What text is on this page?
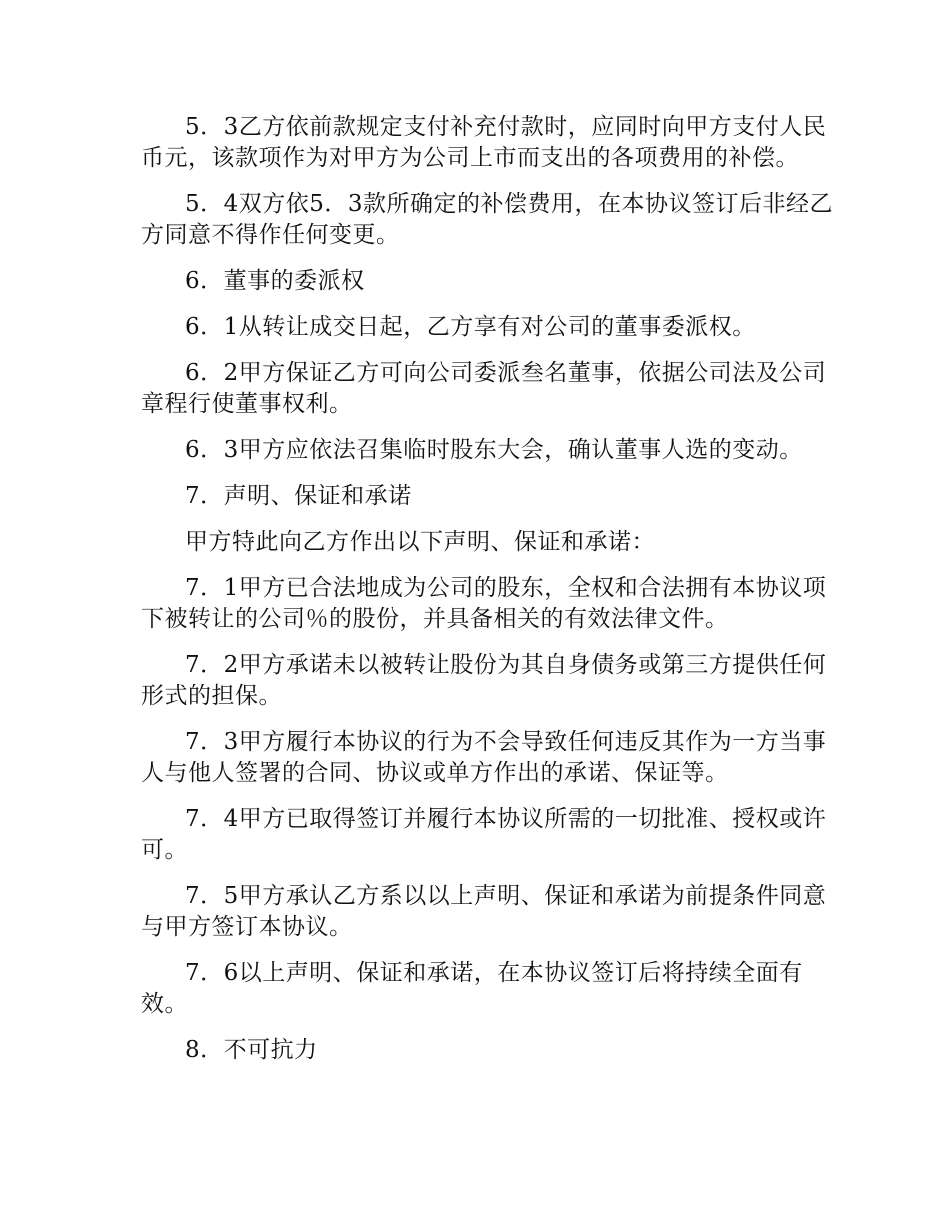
5．3乙方依前款规定支付补充付款时，应同时向甲方支付人民币元，该款项作为对甲方为公司上市而支出的各项费用的补偿。

5．4双方依5．3款所确定的补偿费用，在本协议签订后非经乙方同意不得作任何变更。

6．董事的委派权

6．1从转让成交日起，乙方享有对公司的董事委派权。

6．2甲方保证乙方可向公司委派叁名董事，依据公司法及公司章程行使董事权利。

6．3甲方应依法召集临时股东大会，确认董事人选的变动。

7．声明、保证和承诺

甲方特此向乙方作出以下声明、保证和承诺：

7．1甲方已合法地成为公司的股东，全权和合法拥有本协议项下被转让的公司％的股份，并具备相关的有效法律文件。

7．2甲方承诺未以被转让股份为其自身债务或第三方提供任何形式的担保。

7．3甲方履行本协议的行为不会导致任何违反其作为一方当事人与他人签署的合同、协议或单方作出的承诺、保证等。

7．4甲方已取得签订并履行本协议所需的一切批准、授权或许可。

7．5甲方承认乙方系以以上声明、保证和承诺为前提条件同意与甲方签订本协议。

7．6以上声明、保证和承诺，在本协议签订后将持续全面有效。

8．不可抗力
